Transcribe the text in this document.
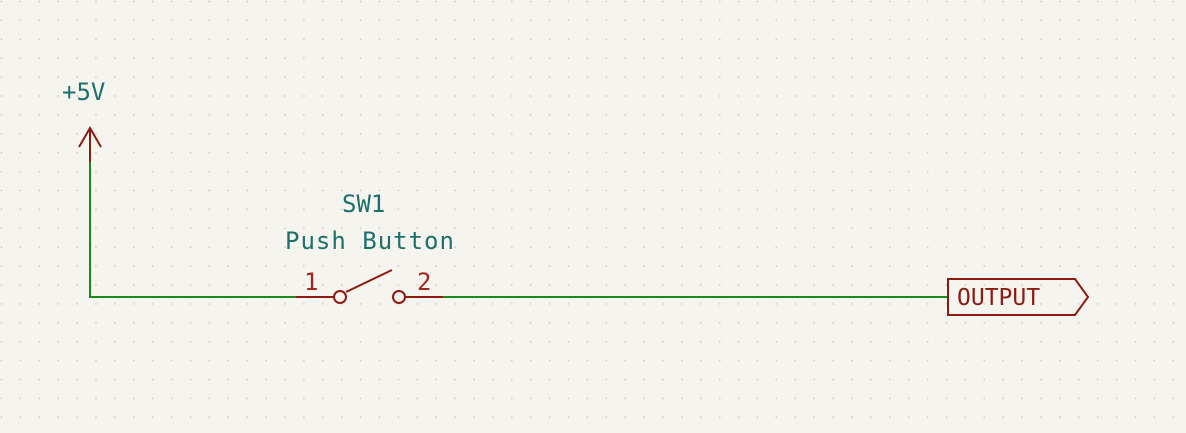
+5V
SW1
Push Button
1	2
OUTPUT
